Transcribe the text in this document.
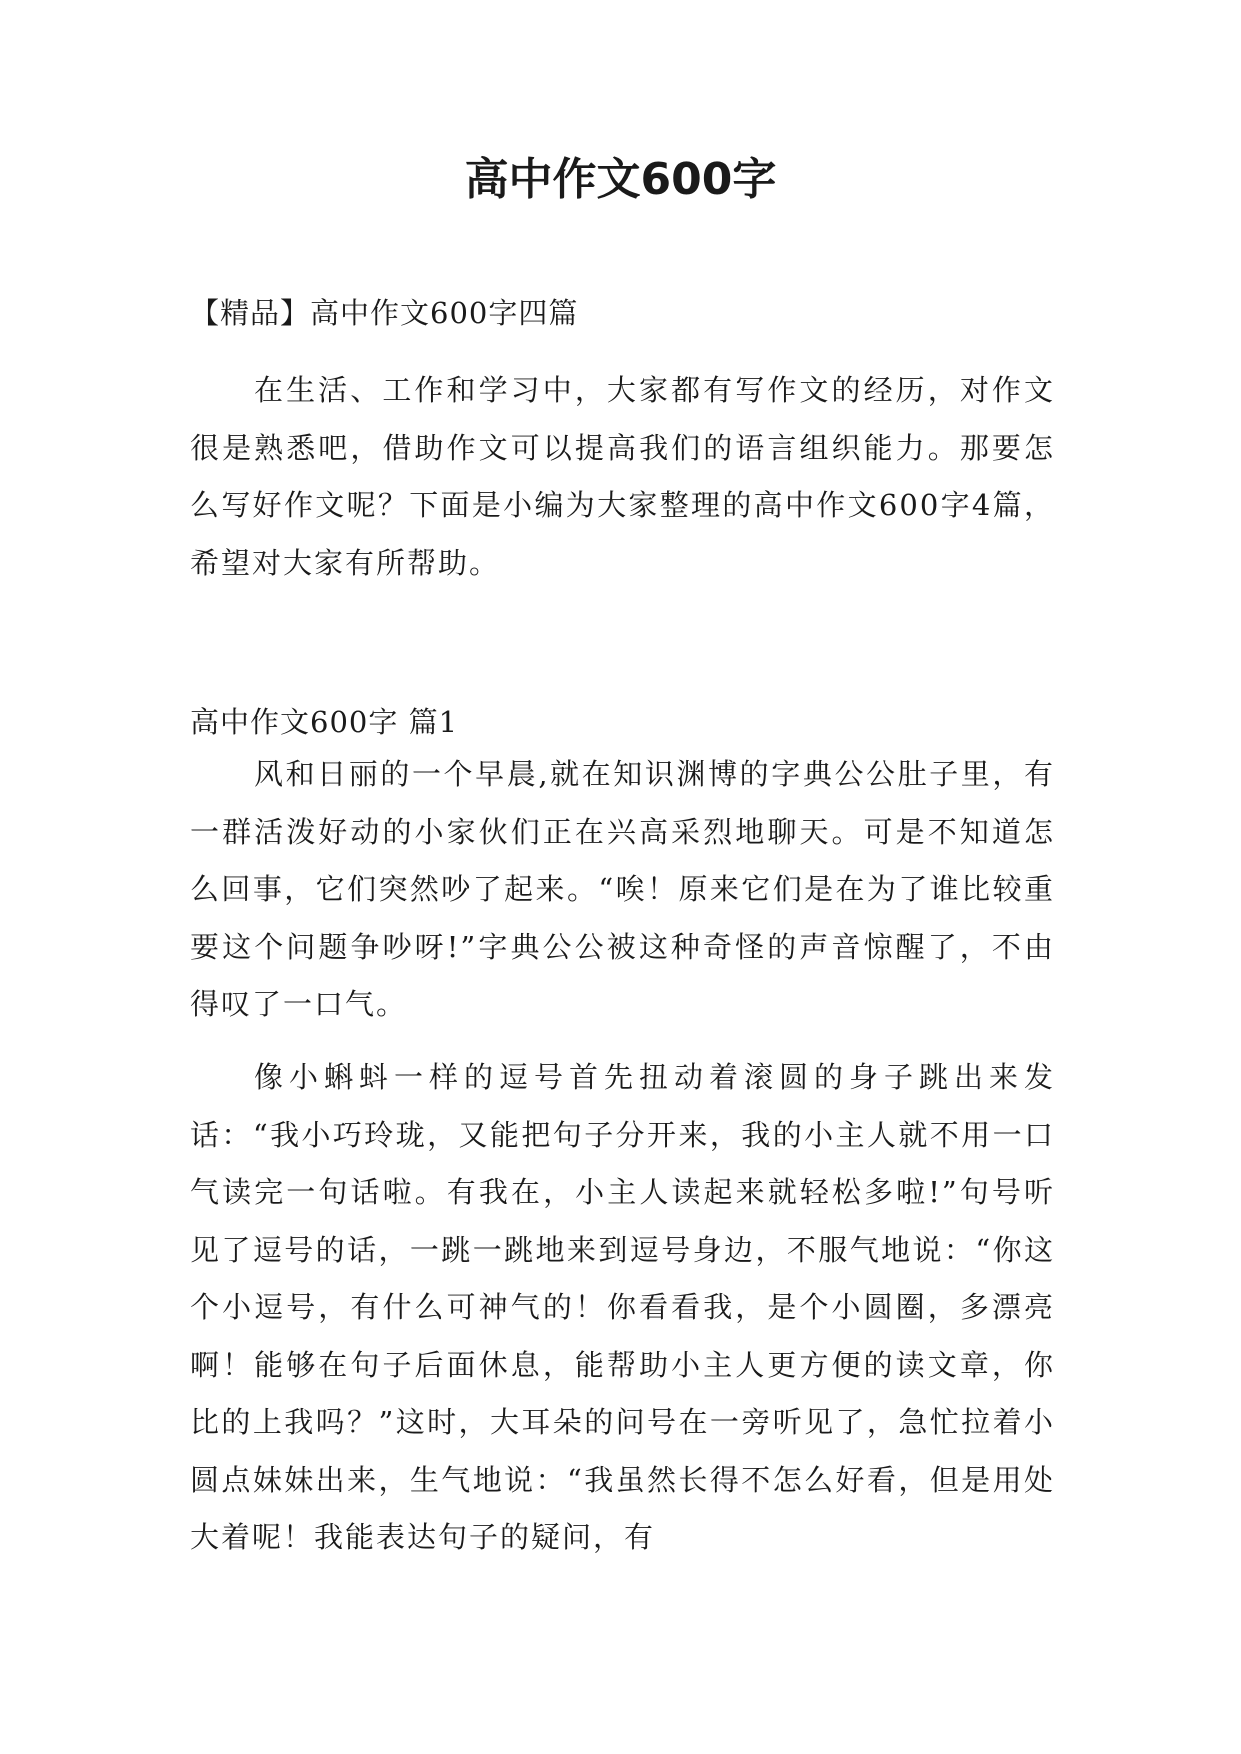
高中作文600字

【精品】高中作文600字四篇

在生活、工作和学习中，大家都有写作文的经历，对作文很是熟悉吧，借助作文可以提高我们的语言组织能力。那要怎么写好作文呢？下面是小编为大家整理的高中作文600字4篇，希望对大家有所帮助。

高中作文600字 篇1

风和日丽的一个早晨,就在知识渊博的字典公公肚子里，有一群活泼好动的小家伙们正在兴高采烈地聊天。可是不知道怎么回事，它们突然吵了起来。“唉！原来它们是在为了谁比较重要这个问题争吵呀!”字典公公被这种奇怪的声音惊醒了，不由得叹了一口气。

像小蝌蚪一样的逗号首先扭动着滚圆的身子跳出来发话：“我小巧玲珑，又能把句子分开来，我的小主人就不用一口气读完一句话啦。有我在，小主人读起来就轻松多啦!”句号听见了逗号的话，一跳一跳地来到逗号身边，不服气地说：“你这个小逗号，有什么可神气的！你看看我，是个小圆圈，多漂亮啊！能够在句子后面休息，能帮助小主人更方便的读文章，你比的上我吗？”这时，大耳朵的问号在一旁听见了，急忙拉着小圆点妹妹出来，生气地说：“我虽然长得不怎么好看，但是用处大着呢！我能表达句子的疑问，有
